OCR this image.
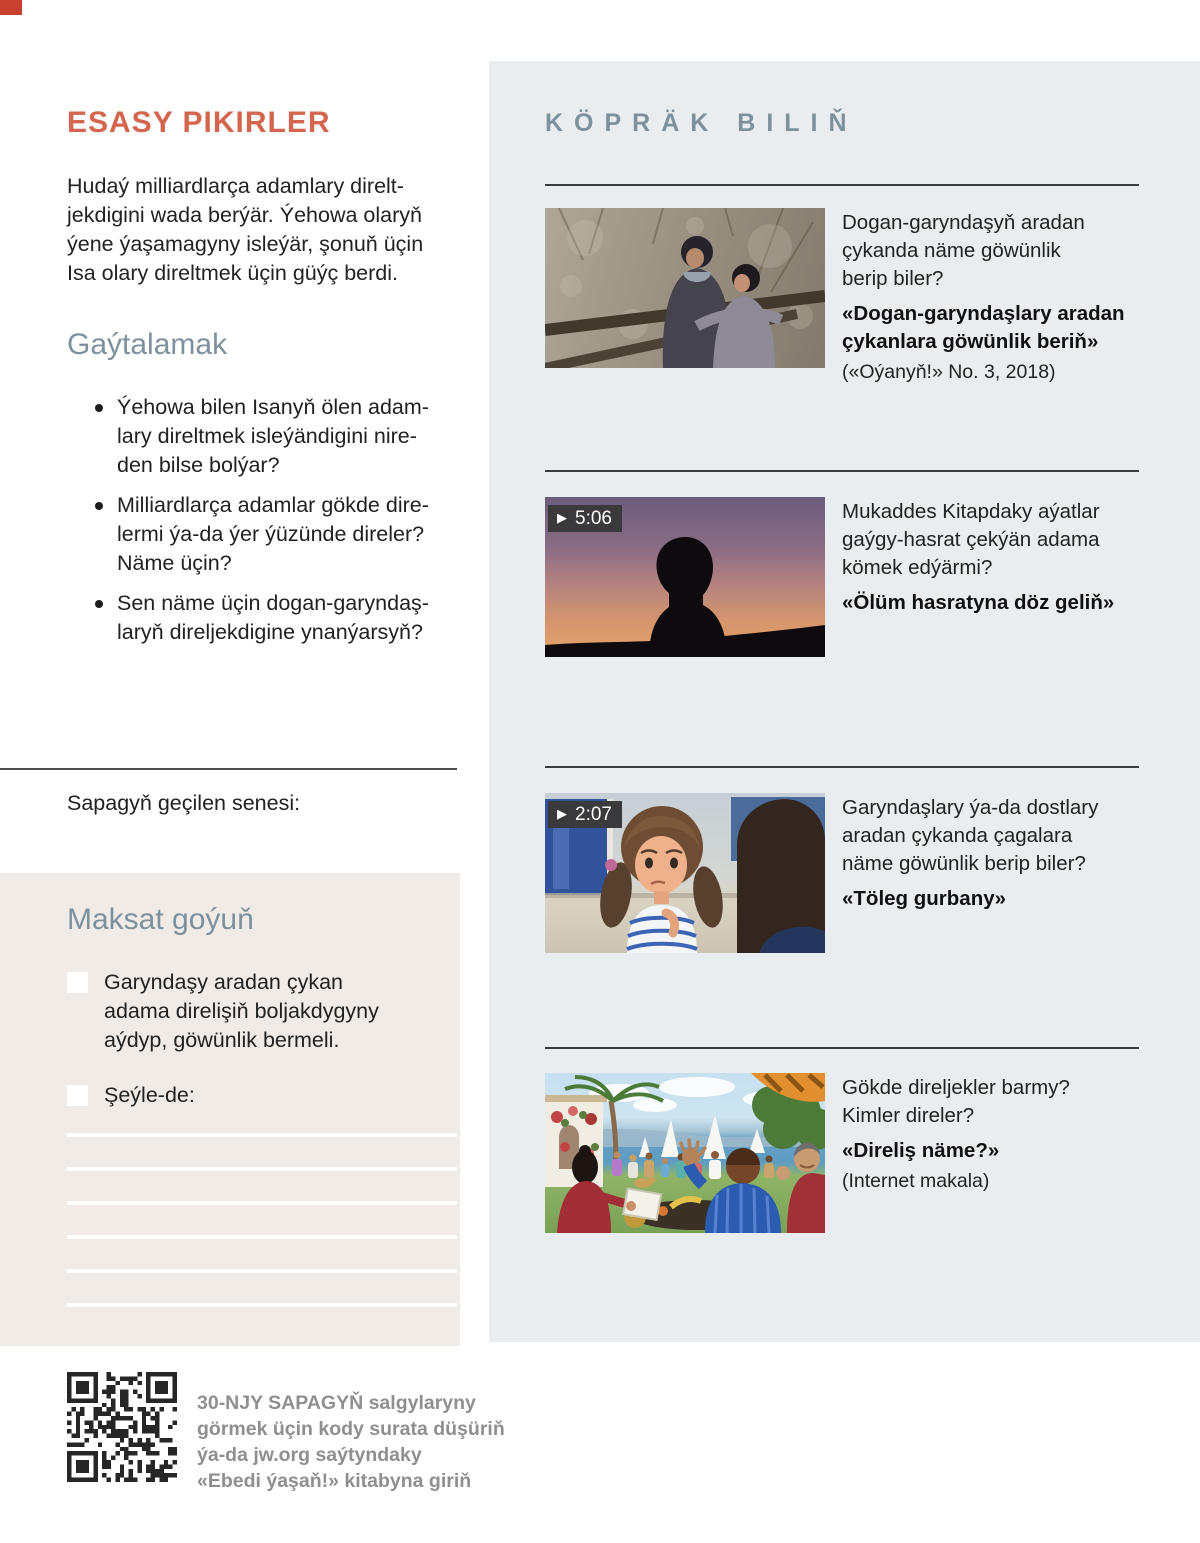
ESASY PIKIRLER
Hudaý milliardlarça adamlary direlt-
jekdigini wada berýär. Ýehowa olaryň
ýene ýaşamagyny isleýär, şonuň üçin
Isa olary direltmek üçin güýç berdi.
Gaýtalamak
Ýehowa bilen Isanyň ölen adam-
lary direltmek isleýändigini nire-
den bilse bolýar?
Milliardlarça adamlar gökde dire-
lermi ýa-da ýer ýüzünde direler?
Näme üçin?
Sen näme üçin dogan-garyndaş-
laryň direljekdigine ynanýarsyň?
Sapagyň geçilen senesi:
Maksat goýuň
Garyndaşy aradan çykan
adama direlişiň boljakdygyny
aýdyp, göwünlik bermeli.
Şeýle-de:
30-NJY SAPAGYŇ salgylaryny
görmek üçin kody surata düşüriň
ýa-da jw.org saýtyndaky
«Ebedi ýaşaň!» kitabyna giriň
KÖPRÄK BILIŇ
Dogan-garyndaşyň aradan
çykanda näme göwünlik
berip biler?
«Dogan-garyndaşlary aradan
çykanlara göwünlik beriň»
(«Oýanyň!» No. 3, 2018)
▶ 5:06	Mukaddes Kitapdaky aýatlar
gaýgy-hasrat çekýän adama
kömek edýärmi?
«Ölüm hasratyna döz geliň»
▶ 2:07	Garyndaşlary ýa-da dostlary
aradan çykanda çagalara
näme göwünlik berip biler?
«Töleg gurbany»
Gökde direljekler barmy?
Kimler direler?
«Direliş näme?»
(Internet makala)
